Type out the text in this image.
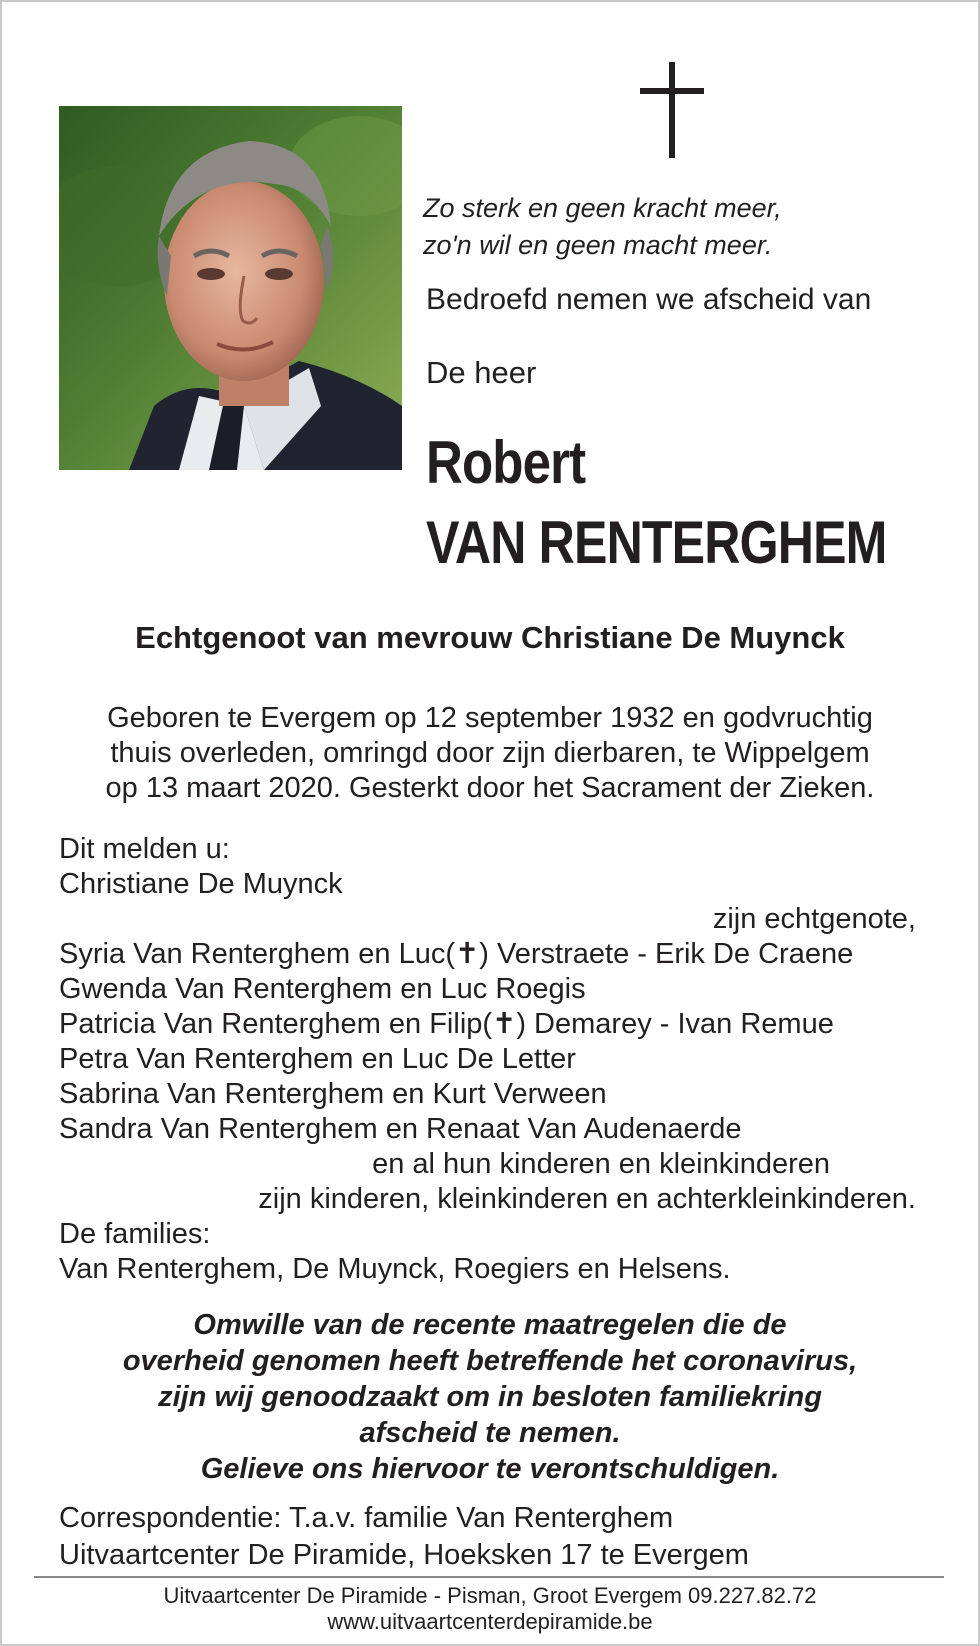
Zo sterk en geen kracht meer,
zo'n wil en geen macht meer.
Bedroefd nemen we afscheid van
De heer
Robert
VAN RENTERGHEM
Echtgenoot van mevrouw Christiane De Muynck
Geboren te Evergem op 12 september 1932 en godvruchtig
thuis overleden, omringd door zijn dierbaren, te Wippelgem
op 13 maart 2020. Gesterkt door het Sacrament der Zieken.
Dit melden u:
Christiane De Muynck
zijn echtgenote,
Syria Van Renterghem en Luc(✝) Verstraete - Erik De Craene
Gwenda Van Renterghem en Luc Roegis
Patricia Van Renterghem en Filip(✝) Demarey - Ivan Remue
Petra Van Renterghem en Luc De Letter
Sabrina Van Renterghem en Kurt Verween
Sandra Van Renterghem en Renaat Van Audenaerde
en al hun kinderen en kleinkinderen
zijn kinderen, kleinkinderen en achterkleinkinderen.
De families:
Van Renterghem, De Muynck, Roegiers en Helsens.
Omwille van de recente maatregelen die de
overheid genomen heeft betreffende het coronavirus,
zijn wij genoodzaakt om in besloten familiekring
afscheid te nemen.
Gelieve ons hiervoor te verontschuldigen.
Correspondentie: T.a.v. familie Van Renterghem
Uitvaartcenter De Piramide, Hoeksken 17 te Evergem
Uitvaartcenter De Piramide - Pisman, Groot Evergem 09.227.82.72
www.uitvaartcenterdepiramide.be
